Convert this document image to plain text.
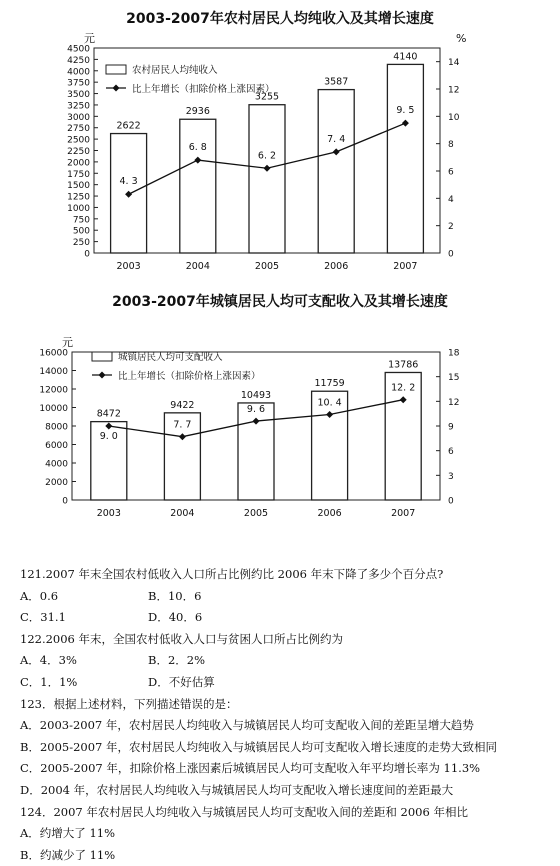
2003-2007年农村居民人均纯收入及其增长速度
0
250
500
750
1000
1250
1500
1750
2000
2250
2500
2750
3000
3250
3500
3750
4000
4250
4500
0
2
4
6
8
10
12
14
元	%
2622
2936
3255
3587
4140
2003	2004	2005	2006	2007
4. 3
6. 8
6. 2
7. 4
9. 5
农村居民人均纯收入
比上年增长（扣除价格上涨因素）
2003-2007年城镇居民人均可支配收入及其增长速度
0
2000
4000
6000
8000
10000
12000
14000
16000
0
3
6
9
12
15
18
元
8472
9422
10493
11759
13786
2003	2004	2005	2006	2007
9. 0
7. 7
9. 6
10. 4
12. 2
城镇居民人均可支配收入
比上年增长（扣除价格上涨因素）
121.2007 年末全国农村低收入人口所占比例约比 2006 年末下降了多少个百分点?
A．0.6	B．10．6
C．31.1	D．40．6
122.2006 年末，全国农村低收入人口与贫困人口所占比例约为
A．4．3%	B．2．2%
C．1．1%	D．不好估算
123．根据上述材料，下列描述错误的是：
A．2003-2007 年，农村居民人均纯收入与城镇居民人均可支配收入间的差距呈增大趋势
B．2005-2007 年，农村居民人均纯收入与城镇居民人均可支配收入增长速度的走势大致相同
C．2005-2007 年，扣除价格上涨因素后城镇居民人均可支配收入年平均增长率为 11.3%
D．2004 年，农村居民人均纯收入与城镇居民人均可支配收入增长速度间的差距最大
124．2007 年农村居民人均纯收入与城镇居民人均可支配收入间的差距和 2006 年相比
A．约增大了 11%
B．约减少了 11%
